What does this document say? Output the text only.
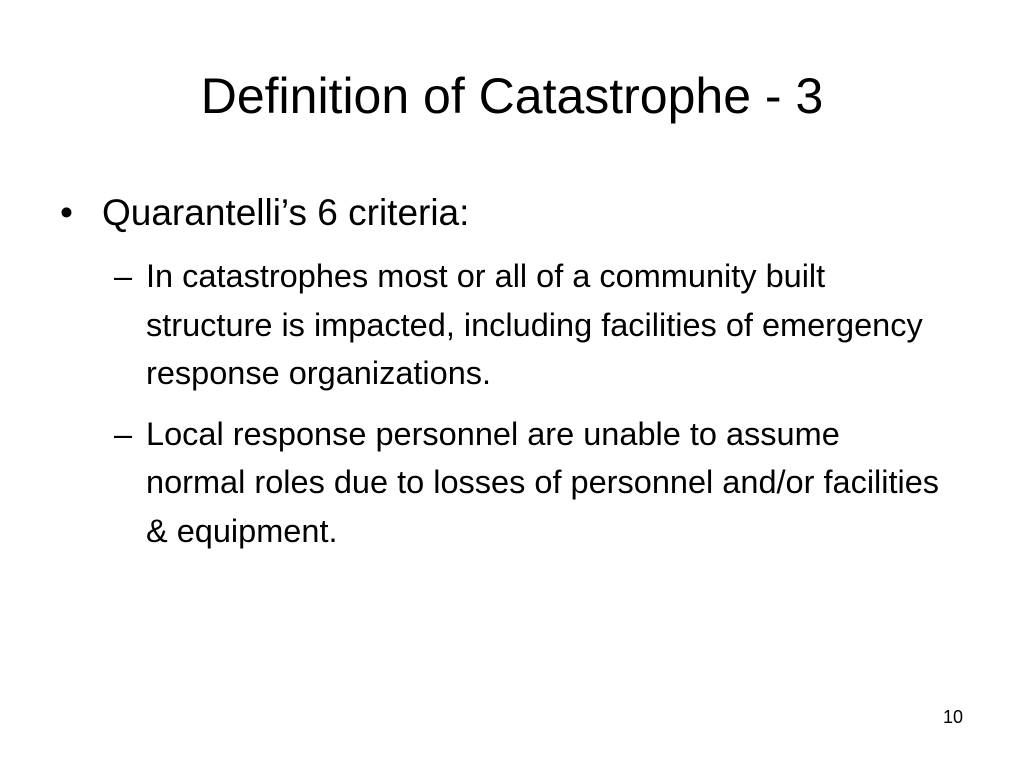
Definition of Catastrophe - 3
• Quarantelli’s 6 criteria:
– In catastrophes most or all of a community built structure is impacted, including facilities of emergency response organizations.
– Local response personnel are unable to assume normal roles due to losses of personnel and/or facilities & equipment.
10
